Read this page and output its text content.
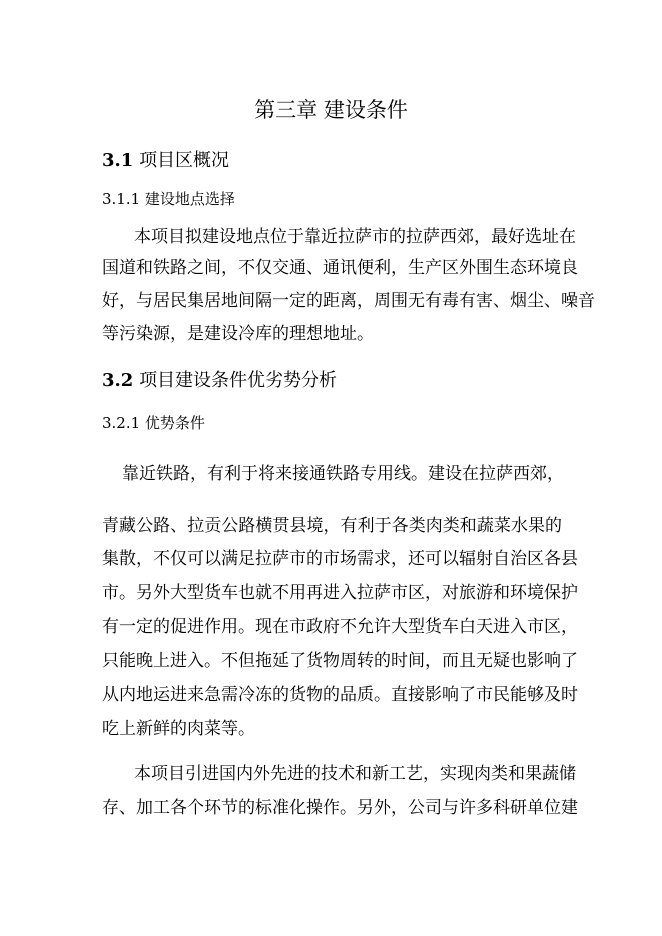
第三章 建设条件
3.1 项目区概况
3.1.1 建设地点选择
本项目拟建设地点位于靠近拉萨市的拉萨西郊，最好选址在
国道和铁路之间，不仅交通、通讯便利，生产区外围生态环境良
好，与居民集居地间隔一定的距离，周围无有毒有害、烟尘、噪音
等污染源，是建设冷库的理想地址。
3.2 项目建设条件优劣势分析
3.2.1 优势条件
靠近铁路，有利于将来接通铁路专用线。建设在拉萨西郊，
青藏公路、拉贡公路横贯县境，有利于各类肉类和蔬菜水果的
集散，不仅可以满足拉萨市的市场需求，还可以辐射自治区各县
市。另外大型货车也就不用再进入拉萨市区，对旅游和环境保护
有一定的促进作用。现在市政府不允许大型货车白天进入市区，
只能晚上进入。不但拖延了货物周转的时间，而且无疑也影响了
从内地运进来急需冷冻的货物的品质。直接影响了市民能够及时
吃上新鲜的肉菜等。
本项目引进国内外先进的技术和新工艺，实现肉类和果蔬储
存、加工各个环节的标准化操作。另外，公司与许多科研单位建
